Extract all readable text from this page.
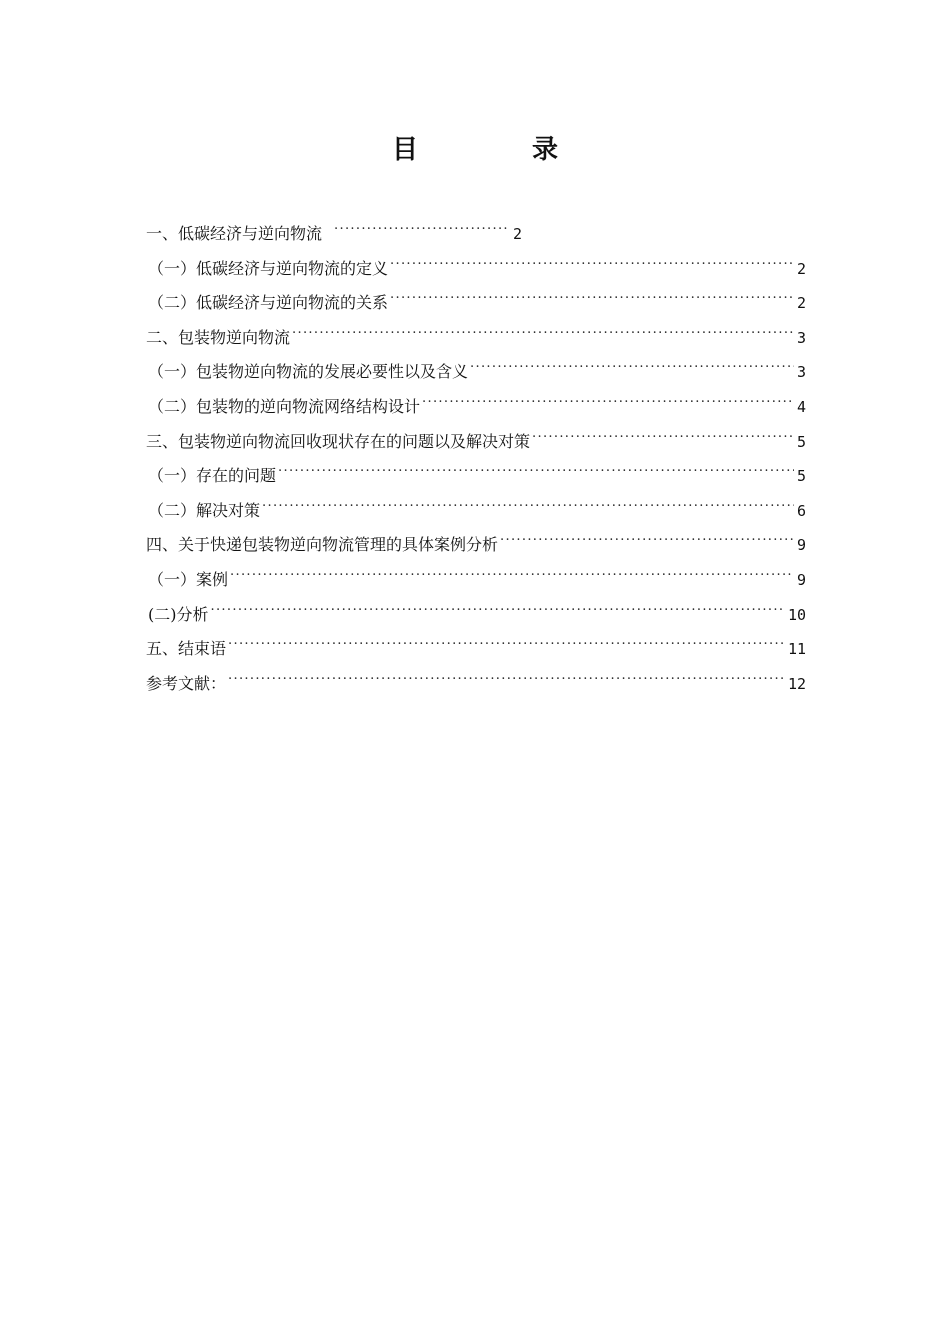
目　录
一、低碳经济与逆向物流 . . .	2
（一）低碳经济与逆向物流的定义 . . .	2
（二）低碳经济与逆向物流的关系 . . .	2
二、包装物逆向物流 . . .	3
（一）包装物逆向物流的发展必要性以及含义 . . .	3
（二）包装物的逆向物流网络结构设计 . . .	4
三、包装物逆向物流回收现状存在的问题以及解决对策 . . .	5
（一）存在的问题 . . .	5
（二）解决对策 . . .	6
四、关于快递包装物逆向物流管理的具体案例分析 . . .	9
（一）案例 . . .	9
(二)分析 . . .	10
五、结束语 . . .	11
参考文献： . . .	12
